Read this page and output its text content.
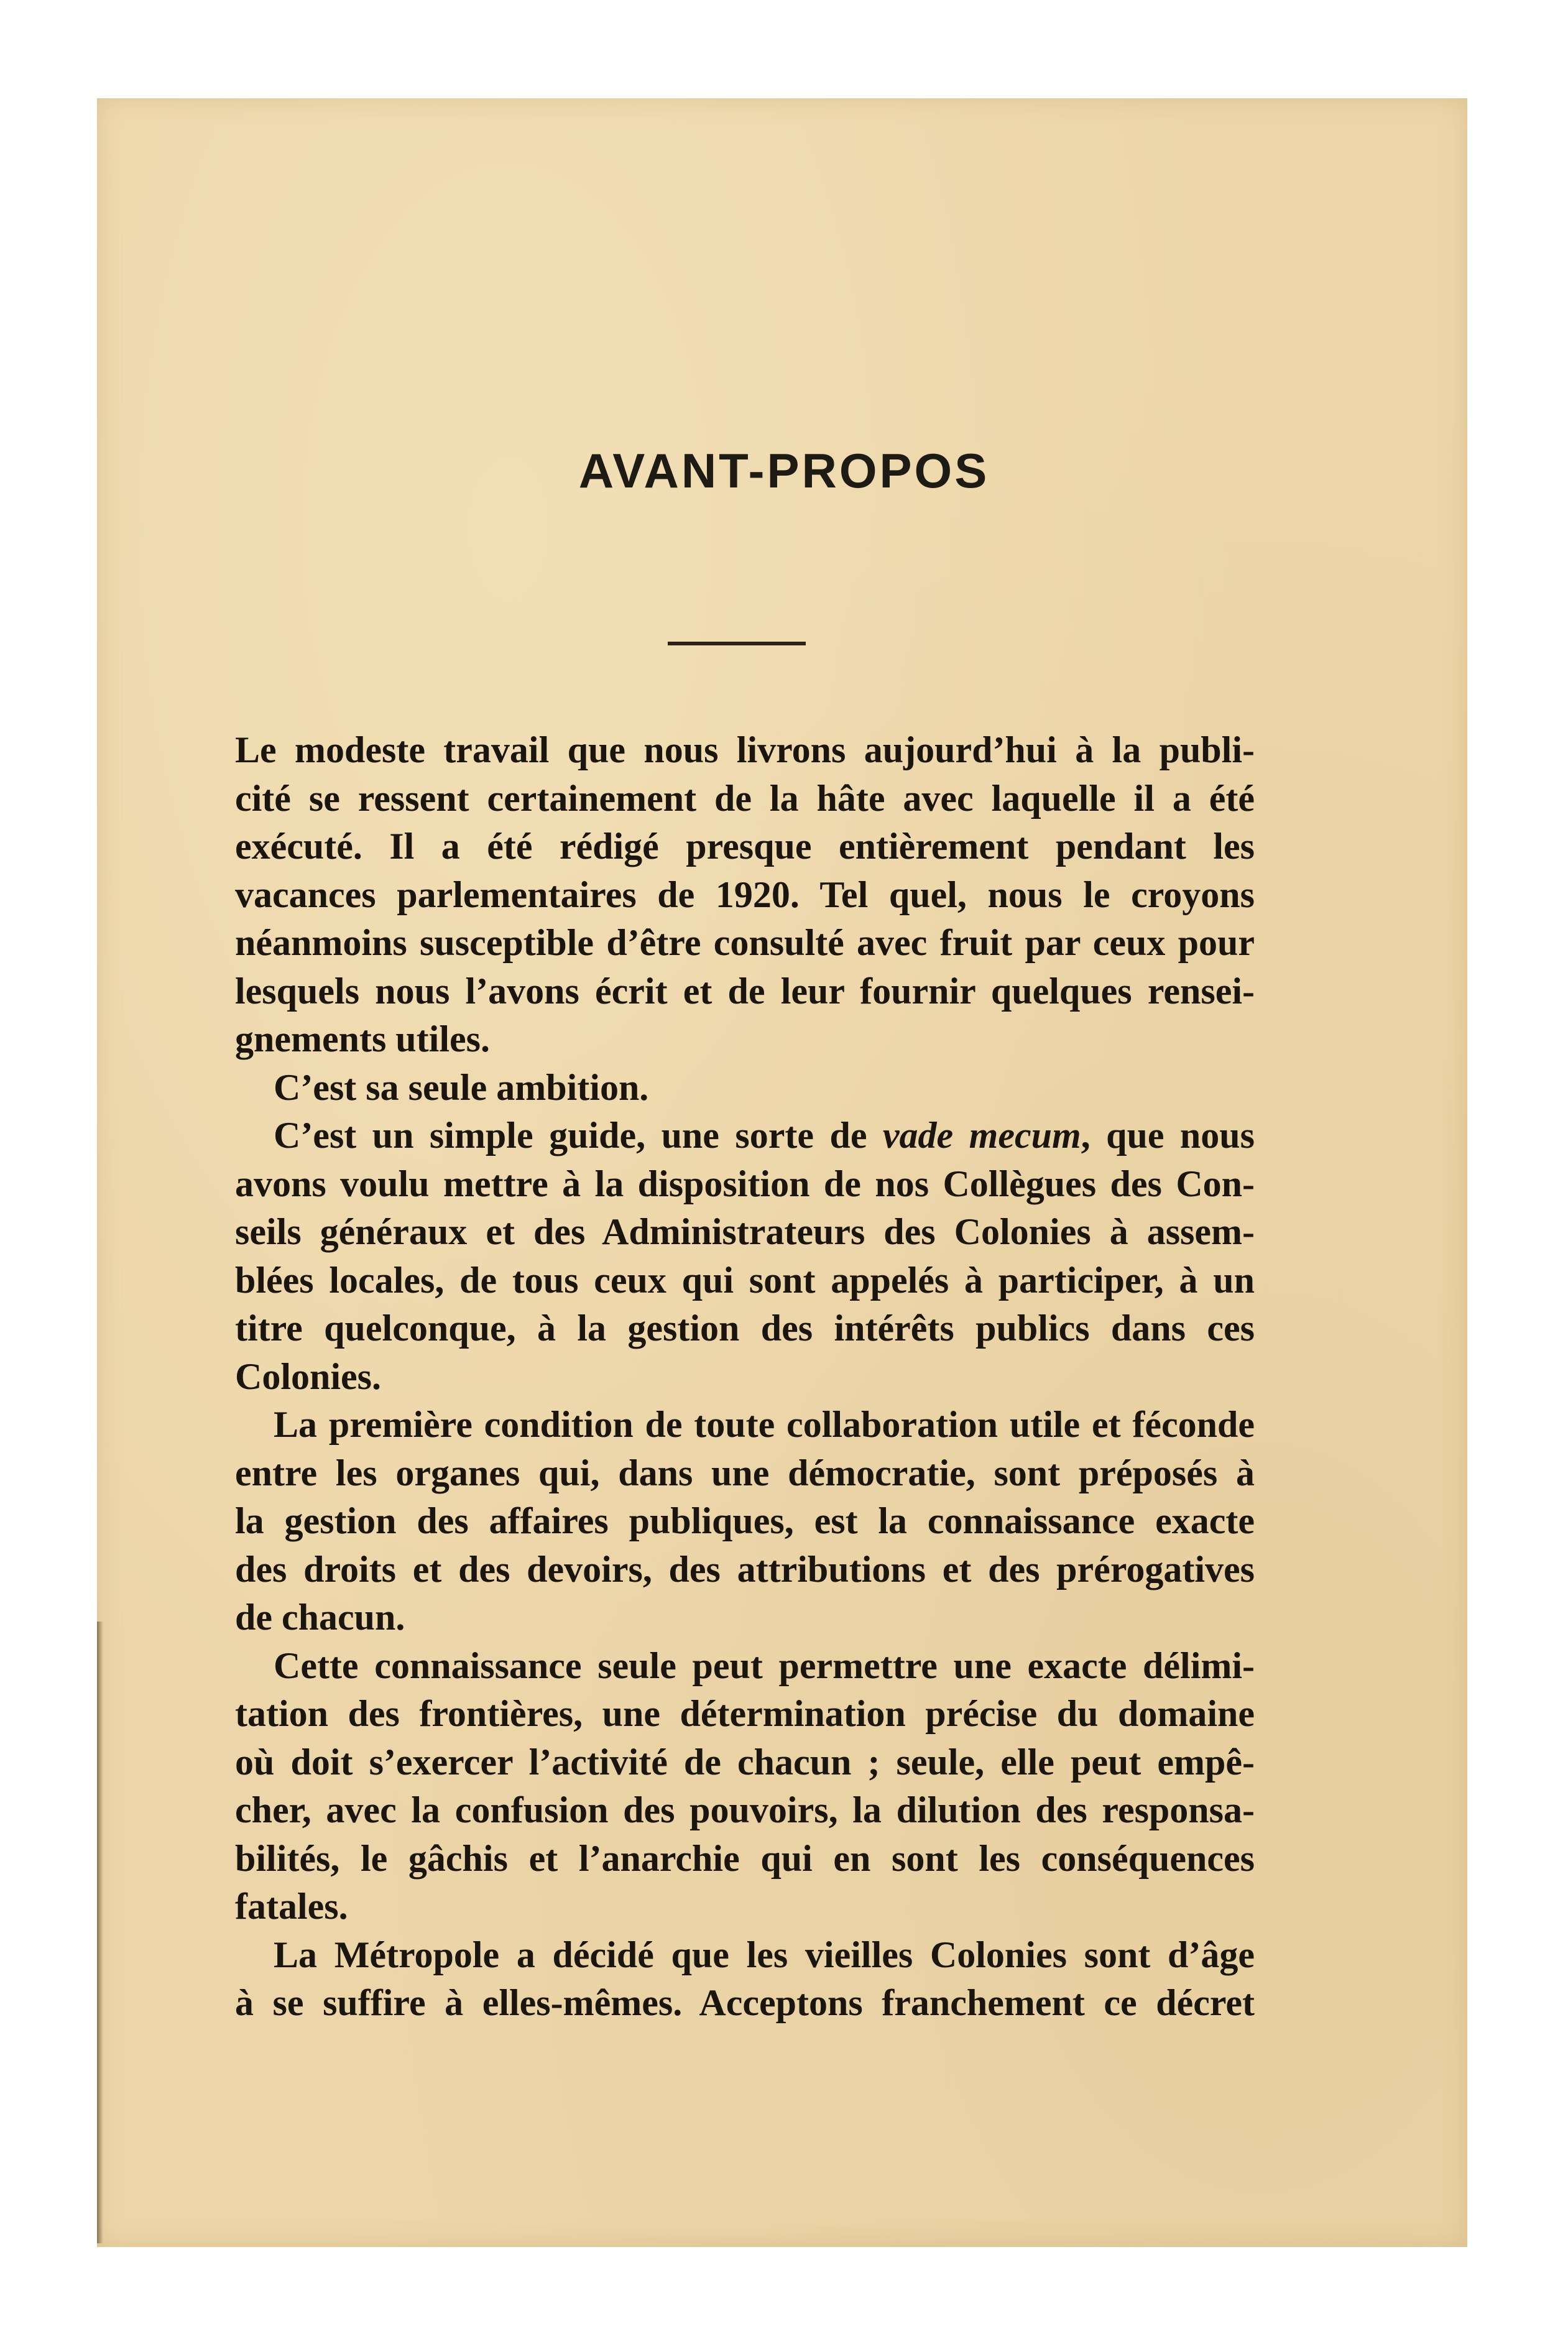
AVANT-PROPOS
Le modeste travail que nous livrons aujourd’hui à la publi-
cité se ressent certainement de la hâte avec laquelle il a été
exécuté. Il a été rédigé presque entièrement pendant les
vacances parlementaires de 1920. Tel quel, nous le croyons
néanmoins susceptible d’être consulté avec fruit par ceux pour
lesquels nous l’avons écrit et de leur fournir quelques rensei-
gnements utiles.
C’est sa seule ambition.
C’est un simple guide, une sorte de vade mecum, que nous
avons voulu mettre à la disposition de nos Collègues des Con-
seils généraux et des Administrateurs des Colonies à assem-
blées locales, de tous ceux qui sont appelés à participer, à un
titre quelconque, à la gestion des intérêts publics dans ces
Colonies.
La première condition de toute collaboration utile et féconde
entre les organes qui, dans une démocratie, sont préposés à
la gestion des affaires publiques, est la connaissance exacte
des droits et des devoirs, des attributions et des prérogatives
de chacun.
Cette connaissance seule peut permettre une exacte délimi-
tation des frontières, une détermination précise du domaine
où doit s’exercer l’activité de chacun ; seule, elle peut empê-
cher, avec la confusion des pouvoirs, la dilution des responsa-
bilités, le gâchis et l’anarchie qui en sont les conséquences
fatales.
La Métropole a décidé que les vieilles Colonies sont d’âge
à se suffire à elles-mêmes. Acceptons franchement ce décret
